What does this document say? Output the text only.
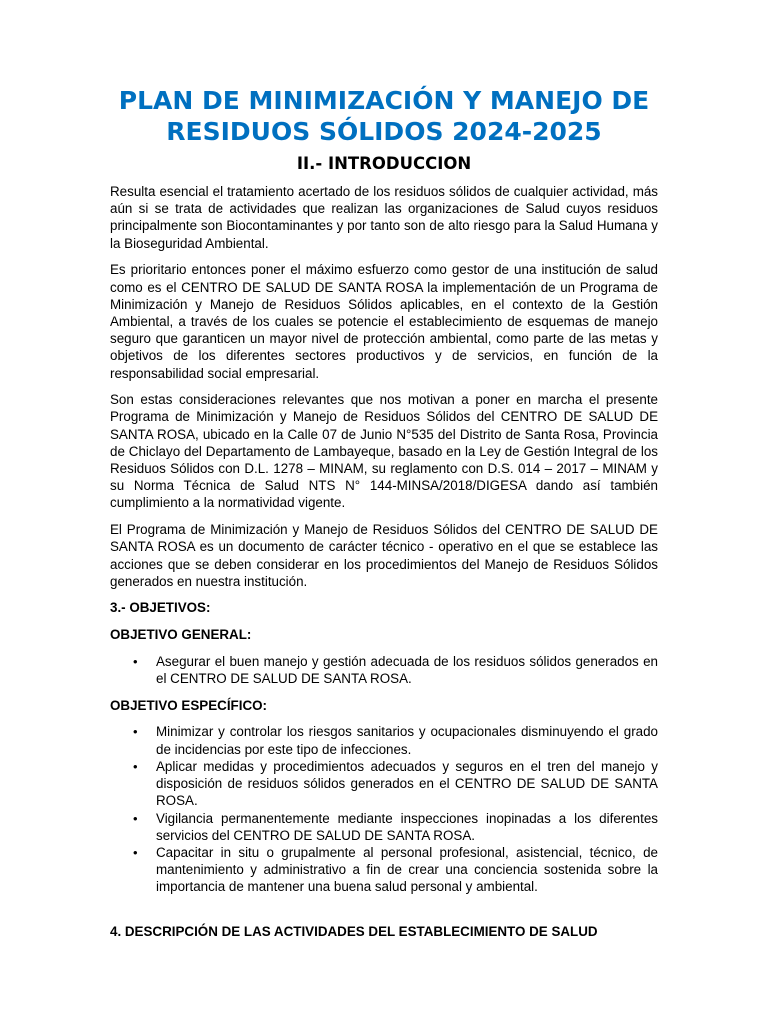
PLAN DE MINIMIZACIÓN Y MANEJO DE RESIDUOS SÓLIDOS 2024-2025
II.- INTRODUCCION

Resulta esencial el tratamiento acertado de los residuos sólidos de cualquier actividad, más aún si se trata de actividades que realizan las organizaciones de Salud cuyos residuos principalmente son Biocontaminantes y por tanto son de alto riesgo para la Salud Humana y la Bioseguridad Ambiental.

Es prioritario entonces poner el máximo esfuerzo como gestor de una institución de salud como es el CENTRO DE SALUD DE SANTA ROSA la implementación de un Programa de Minimización y Manejo de Residuos Sólidos aplicables, en el contexto de la Gestión Ambiental, a través de los cuales se potencie el establecimiento de esquemas de manejo seguro que garanticen un mayor nivel de protección ambiental, como parte de las metas y objetivos de los diferentes sectores productivos y de servicios, en función de la responsabilidad social empresarial.

Son estas consideraciones relevantes que nos motivan a poner en marcha el presente Programa de Minimización y Manejo de Residuos Sólidos del CENTRO DE SALUD DE SANTA ROSA, ubicado en la Calle 07 de Junio N°535 del Distrito de Santa Rosa, Provincia de Chiclayo del Departamento de Lambayeque, basado en la Ley de Gestión Integral de los Residuos Sólidos con D.L. 1278 – MINAM, su reglamento con D.S. 014 – 2017 – MINAM y su Norma Técnica de Salud NTS N° 144-MINSA/2018/DIGESA dando así también cumplimiento a la normatividad vigente.

El Programa de Minimización y Manejo de Residuos Sólidos del CENTRO DE SALUD DE SANTA ROSA es un documento de carácter técnico - operativo en el que se establece las acciones que se deben considerar en los procedimientos del Manejo de Residuos Sólidos generados en nuestra institución.

3.- OBJETIVOS:
OBJETIVO GENERAL:
• Asegurar el buen manejo y gestión adecuada de los residuos sólidos generados en el CENTRO DE SALUD DE SANTA ROSA.
OBJETIVO ESPECÍFICO:
• Minimizar y controlar los riesgos sanitarios y ocupacionales disminuyendo el grado de incidencias por este tipo de infecciones.
• Aplicar medidas y procedimientos adecuados y seguros en el tren del manejo y disposición de residuos sólidos generados en el CENTRO DE SALUD DE SANTA ROSA.
• Vigilancia permanentemente mediante inspecciones inopinadas a los diferentes servicios del CENTRO DE SALUD DE SANTA ROSA.
• Capacitar in situ o grupalmente al personal profesional, asistencial, técnico, de mantenimiento y administrativo a fin de crear una conciencia sostenida sobre la importancia de mantener una buena salud personal y ambiental.
4. DESCRIPCIÓN DE LAS ACTIVIDADES DEL ESTABLECIMIENTO DE SALUD
